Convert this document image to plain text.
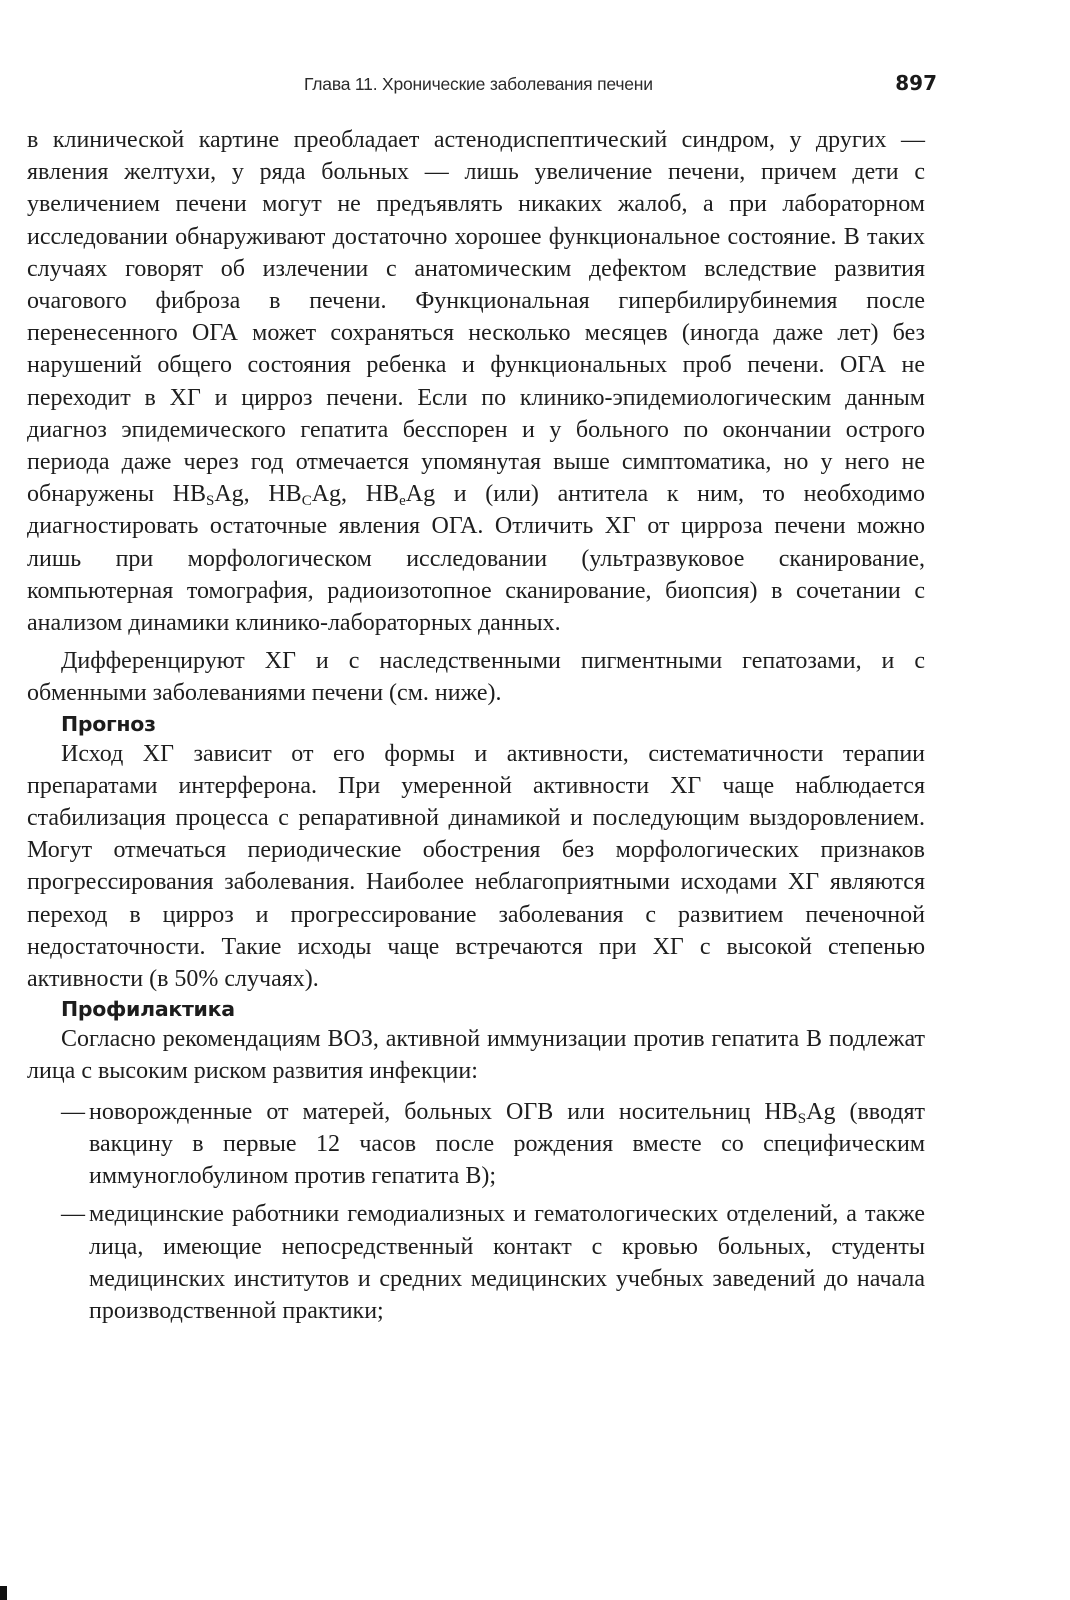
Глава 11. Хронические заболевания печени	897

в клинической картине преобладает астенодиспептический синдром, у других — явления желтухи, у ряда больных — лишь увеличение печени, причем дети с увеличением печени могут не предъявлять никаких жалоб, а при лабораторном исследовании обнаруживают достаточно хорошее функциональное состояние. В таких случаях говорят об излечении с анатомическим дефектом вследствие развития очагового фиброза в печени. Функциональная гипербилирубинемия после перенесенного ОГА может сохраняться несколько месяцев (иногда даже лет) без нарушений общего состояния ребенка и функциональных проб печени. ОГА не переходит в ХГ и цирроз печени. Если по клинико-эпидемиологическим данным диагноз эпидемического гепатита бесспорен и у больного по окончании острого периода даже через год отмечается упомянутая выше симптоматика, но у него не обнаружены $HB_SAg$, $HB_CAg$, $HB_eAg$ и (или) антитела к ним, то необходимо диагностировать остаточные явления ОГА. Отличить ХГ от цирроза печени можно лишь при морфологическом исследовании (ультразвуковое сканирование, компьютерная томография, радиоизотопное сканирование, биопсия) в сочетании с анализом динамики клинико-лабораторных данных.

Дифференцируют ХГ и с наследственными пигментными гепатозами, и с обменными заболеваниями печени (см. ниже).

Прогноз

Исход ХГ зависит от его формы и активности, систематичности терапии препаратами интерферона. При умеренной активности ХГ чаще наблюдается стабилизация процесса с репаративной динамикой и последующим выздоровлением. Могут отмечаться периодические обострения без морфологических признаков прогрессирования заболевания. Наиболее неблагоприятными исходами ХГ являются переход в цирроз и прогрессирование заболевания с развитием печеночной недостаточности. Такие исходы чаще встречаются при ХГ с высокой степенью активности (в 50% случаях).

Профилактика

Согласно рекомендациям ВОЗ, активной иммунизации против гепатита В подлежат лица с высоким риском развития инфекции:

— новорожденные от матерей, больных ОГВ или носительниц $HB_SAg$ (вводят вакцину в первые 12 часов после рождения вместе со специфическим иммуноглобулином против гепатита В);
— медицинские работники гемодиализных и гематологических отделений, а также лица, имеющие непосредственный контакт с кровью больных, студенты медицинских институтов и средних медицинских учебных заведений до начала производственной практики;
